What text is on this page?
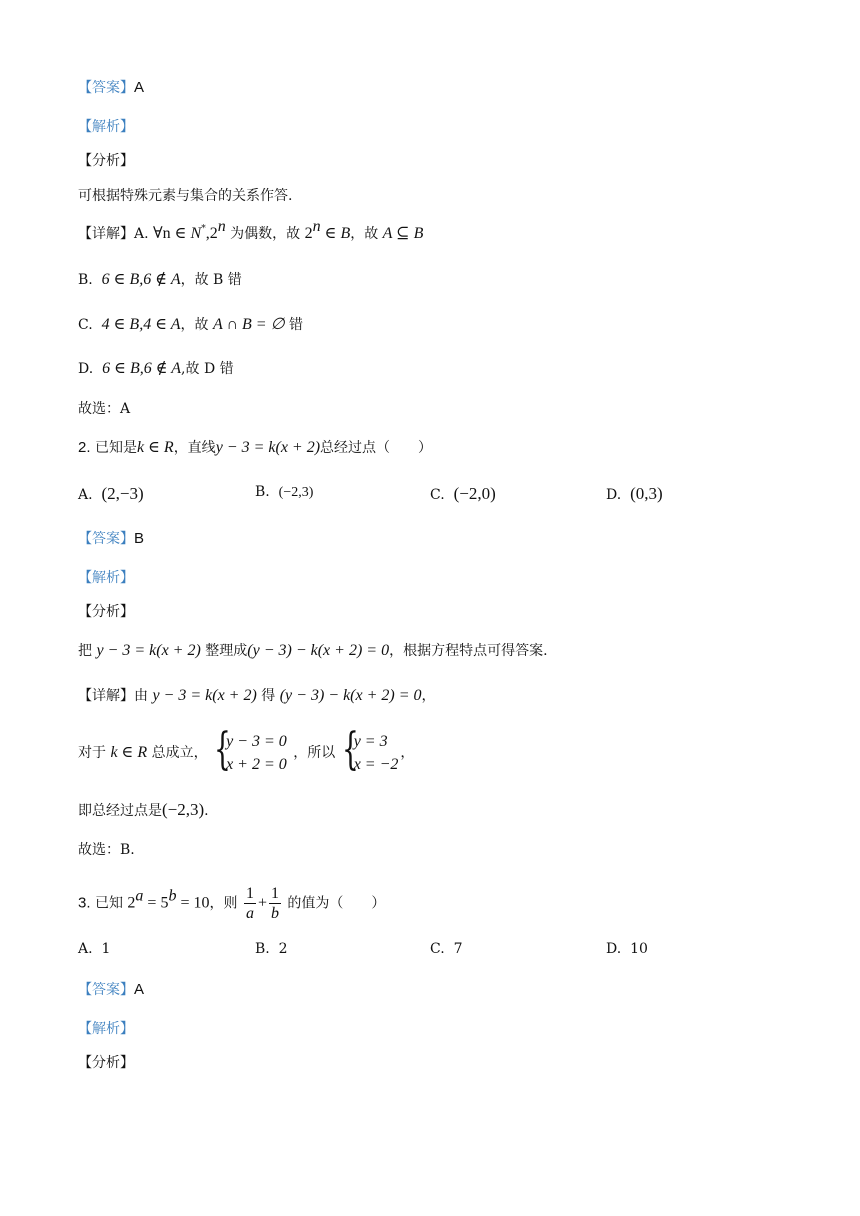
【答案】A
【解析】
【分析】
可根据特殊元素与集合的关系作答.
【详解】A. ∀n ∈ N*,2$^n$ 为偶数，故 2$^n$ ∈ B，故 A ⊆ B
B. 6 ∈ B,6 ∉ A，故 B 错
C. 4 ∈ B,4 ∈ A，故 A ∩ B = ∅ 错
D. 6 ∈ B,6 ∉ A,故 D 错
故选：A
2. 已知是k ∈ R，直线y − 3 = k(x + 2)总经过点（　　）
A. (2,−3)	B. (−2,3)	C. (−2,0)	D. (0,3)
【答案】B
【解析】
【分析】
把 y − 3 = k(x + 2) 整理成(y − 3) − k(x + 2) = 0，根据方程特点可得答案.
【详解】由 y − 3 = k(x + 2) 得 (y − 3) − k(x + 2) = 0，
对于 k ∈ R 总成立， {
y − 3 = 0
x + 2 = 0
，所以 {
y = 3
x = −2
，
即总经过点是(−2,3).
故选：B.
3. 已知 $2^a = 5^b = 10$，则 $\frac{1}{a} + \frac{1}{b}$ 的值为（　　）
A. 1	B. 2	C. 7	D. 10
【答案】A
【解析】
【分析】
